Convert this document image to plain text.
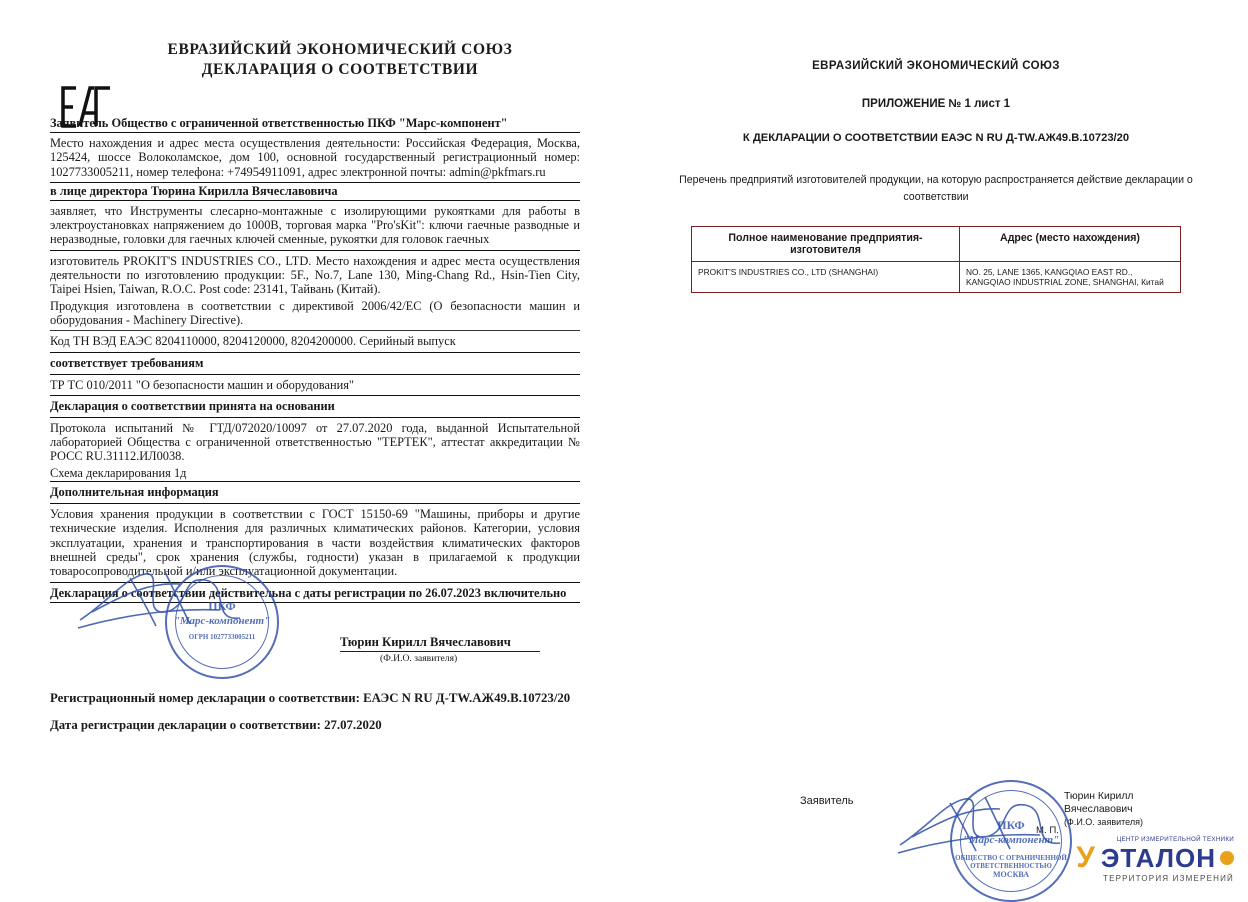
ЕВРАЗИЙСКИЙ ЭКОНОМИЧЕСКИЙ СОЮЗ
ДЕКЛАРАЦИЯ О СООТВЕТСТВИИ
Заявитель Общество с ограниченной ответственностью ПКФ "Марс-компонент"
Место нахождения и адрес места осуществления деятельности: Российская Федерация, Москва, 125424, шоссе Волоколамское, дом 100, основной государственный регистрационный номер: 1027733005211, номер телефона: +74954911091, адрес электронной почты: admin@pkfmars.ru
в лице директора Тюрина Кирилла Вячеславовича
заявляет, что Инструменты слесарно-монтажные с изолирующими рукоятками для работы в электроустановках напряжением до 1000В, торговая марка "Pro'sKit": ключи гаечные разводные и неразводные, головки для гаечных ключей сменные, рукоятки для головок гаечных
изготовитель PROKIT'S INDUSTRIES CO., LTD. Место нахождения и адрес места осуществления деятельности по изготовлению продукции: 5F., No.7, Lane 130, Ming-Chang Rd., Hsin-Tien City, Taipei Hsien, Taiwan, R.O.C. Post code: 23141, Тайвань (Китай).
Продукция изготовлена в соответствии с директивой 2006/42/ЕС (О безопасности машин и оборудования - Machinery Directive).
Код ТН ВЭД ЕАЭС 8204110000, 8204120000, 8204200000. Серийный выпуск
соответствует требованиям
ТР ТС 010/2011 "О безопасности машин и оборудования"
Декларация о соответствии принята на основании
Протокола испытаний № ГТД/072020/10097 от 27.07.2020 года, выданной Испытательной лабораторией Общества с ограниченной ответственностью "ТЕРТЕК", аттестат аккредитации № РОСС RU.31112.ИЛ0038.
Схема декларирования 1д
Дополнительная информация
Условия хранения продукции в соответствии с ГОСТ 15150-69 "Машины, приборы и другие технические изделия. Исполнения для различных климатических районов. Категории, условия эксплуатации, хранения и транспортирования в части воздействия климатических факторов внешней среды", срок хранения (службы, годности) указан в прилагаемой к продукции товаросопроводительной и/или эксплуатационной документации.
Декларация о соответствии действительна с даты регистрации по 26.07.2023 включительно
Тюрин Кирилл Вячеславович
(Ф.И.О. заявителя)
Регистрационный номер декларации о соответствии: ЕАЭС N RU Д-TW.АЖ49.В.10723/20
Дата регистрации декларации о соответствии: 27.07.2020
ПКФ
"Марс-компонент"
ОГРН 1027733005211
ЕВРАЗИЙСКИЙ ЭКОНОМИЧЕСКИЙ СОЮЗ
ПРИЛОЖЕНИЕ № 1 лист 1
К ДЕКЛАРАЦИИ О СООТВЕТСТВИИ ЕАЭС N RU Д-TW.АЖ49.В.10723/20
Перечень предприятий изготовителей продукции, на которую распространяется действие декларации о соответствии
Полное наименование предприятия-изготовителя	Адрес (место нахождения)
PROKIT'S INDUSTRIES CO., LTD (SHANGHAI)	NO. 25, LANE 1365, KANGQIAO EAST RD., KANGQIAO INDUSTRIAL ZONE, SHANGHAI, Китай
Заявитель	Тюрин Кирилл
Вячеславович
(Ф.И.О. заявителя)
М. П.
ПКФ
"Марс-компонент"
ОБЩЕСТВО С ОГРАНИЧЕННОЙ ОТВЕТСТВЕННОСТЬЮ
МОСКВА
ЦЕНТР ИЗМЕРИТЕЛЬНОЙ ТЕХНИКИ
У ЭТАЛОН
ТЕРРИТОРИЯ ИЗМЕРЕНИЙ
